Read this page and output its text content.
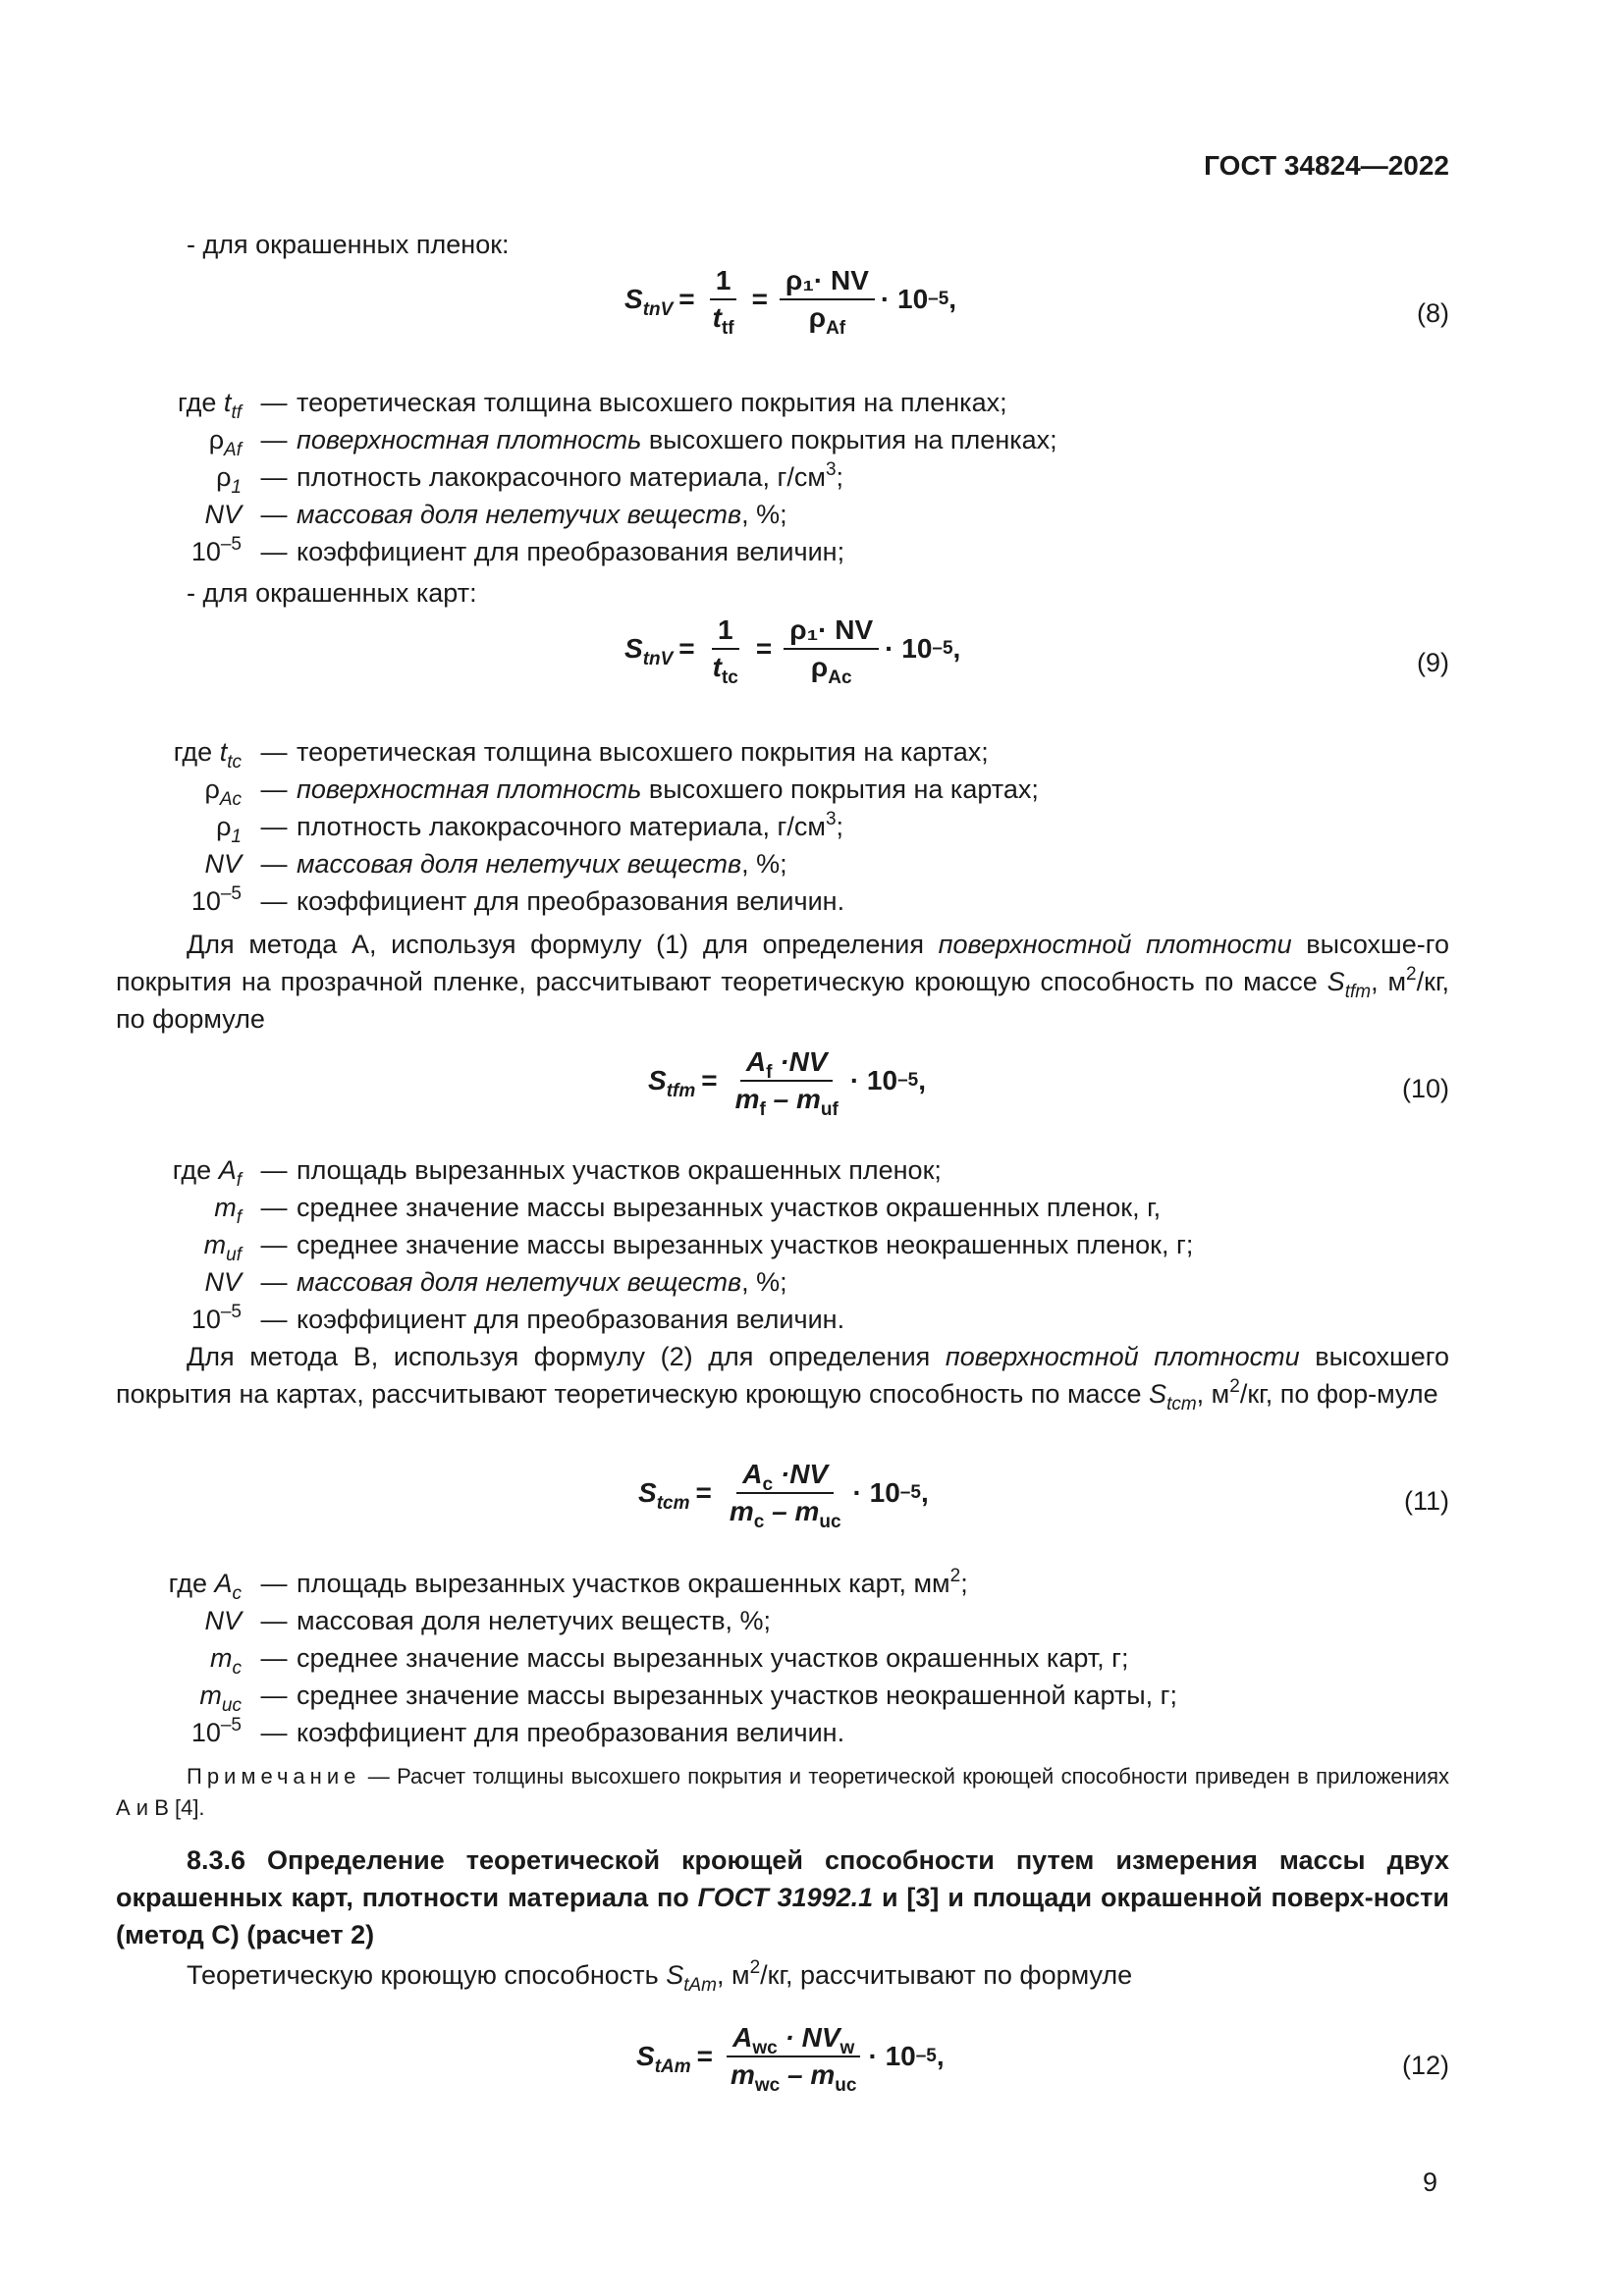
ГОСТ 34824—2022
- для окрашенных пленок:
$S_{tnV} = \frac{1}{t_{tf}} = \frac{\text{ρ₁· NV}}{\rho_{Af}} \cdot 10$ –5 ,	(8)
где $t_{tf}$ — теоретическая толщина высохшего покрытия на пленках;
$\rho_{Af}$ — поверхностная плотность высохшего покрытия на пленках;
$\rho_1$ — плотность лакокрасочного материала, $г/см^3$;
NV — массовая доля нелетучих веществ, %;
$10^{-5}$ — коэффициент для преобразования величин;
- для окрашенных карт:
$S_{tnV} = \frac{1}{t_{tc}} = \frac{\text{ρ₁· NV}}{\rho_{Ac}} \cdot 10$ –5 ,	(9)
где $t_{tc}$ — теоретическая толщина высохшего покрытия на картах;
$\rho_{Ac}$ — поверхностная плотность высохшего покрытия на картах;
$\rho_1$ — плотность лакокрасочного материала, $г/см^3$;
NV — массовая доля нелетучих веществ, %;
$10^{-5}$ — коэффициент для преобразования величин.
Для метода А, используя формулу (1) для определения поверхностной плотности высохше-го покрытия на прозрачной пленке, рассчитывают теоретическую кроющую способность по массе $S_{tfm}$, $м^2/кг$, по формуле
$S_{tfm} = \frac{A_f \cdot NV}{m_f - m_{uf}} \cdot 10$ –5 ,	(10)
где $A_f$ — площадь вырезанных участков окрашенных пленок;
$m_f$ — среднее значение массы вырезанных участков окрашенных пленок, г,
$m_{uf}$ — среднее значение массы вырезанных участков неокрашенных пленок, г;
NV — массовая доля нелетучих веществ, %;
$10^{-5}$ — коэффициент для преобразования величин.
Для метода В, используя формулу (2) для определения поверхностной плотности высохшего покрытия на картах, рассчитывают теоретическую кроющую способность по массе $S_{tcm}$, $м^2/кг$, по фор-муле
$S_{tcm} = \frac{A_c \cdot NV}{m_c - m_{uc}} \cdot 10$ –5 ,	(11)
где $A_c$ — площадь вырезанных участков окрашенных карт, $мм^2$;
NV — массовая доля нелетучих веществ, %;
$m_c$ — среднее значение массы вырезанных участков окрашенных карт, г;
$m_{uc}$ — среднее значение массы вырезанных участков неокрашенной карты, г;
$10^{-5}$ — коэффициент для преобразования величин.
Примечание — Расчет толщины высохшего покрытия и теоретической кроющей способности приведен в приложениях А и В [4].
8.3.6 Определение теоретической кроющей способности путем измерения массы двух окрашенных карт, плотности материала по ГОСТ 31992.1 и [3] и площади окрашенной поверх-ности (метод С) (расчет 2)
Теоретическую кроющую способность $S_{tAm}$, $м^2/кг$, рассчитывают по формуле
$S_{tAm} = \frac{A_{wc} \cdot NV_w}{m_{wc} - m_{uc}} \cdot 10$ –5 ,	(12)
9
